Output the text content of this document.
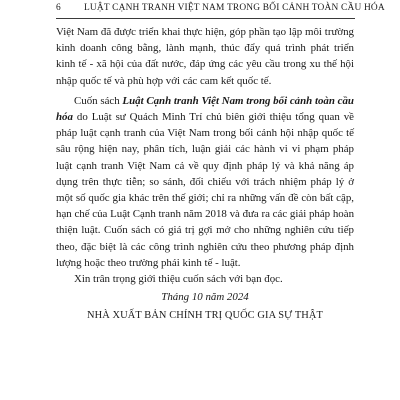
6 LUẬT CẠNH TRANH VIỆT NAM TRONG BỐI CẢNH TOÀN CẦU HÓA

Việt Nam đã được triển khai thực hiện, góp phần tạo lập môi trường kinh doanh công bằng, lành mạnh, thúc đẩy quá trình phát triển kinh tế - xã hội của đất nước, đáp ứng các yêu cầu trong xu thế hội nhập quốc tế và phù hợp với các cam kết quốc tế.

Cuốn sách Luật Cạnh tranh Việt Nam trong bối cảnh toàn cầu hóa do Luật sư Quách Minh Trí chủ biên giới thiệu tổng quan về pháp luật cạnh tranh của Việt Nam trong bối cảnh hội nhập quốc tế sâu rộng hiện nay, phân tích, luận giải các hành vi vi phạm pháp luật cạnh tranh Việt Nam cả về quy định pháp lý và khả năng áp dụng trên thực tiễn; so sánh, đối chiếu với trách nhiệm pháp lý ở một số quốc gia khác trên thế giới; chỉ ra những vấn đề còn bất cập, hạn chế của Luật Cạnh tranh năm 2018 và đưa ra các giải pháp hoàn thiện luật. Cuốn sách có giá trị gợi mở cho những nghiên cứu tiếp theo, đặc biệt là các công trình nghiên cứu theo phương pháp định lượng hoặc theo trường phái kinh tế - luật.

Xin trân trọng giới thiệu cuốn sách với bạn đọc.

Tháng 10 năm 2024
NHÀ XUẤT BẢN CHÍNH TRỊ QUỐC GIA SỰ THẬT
